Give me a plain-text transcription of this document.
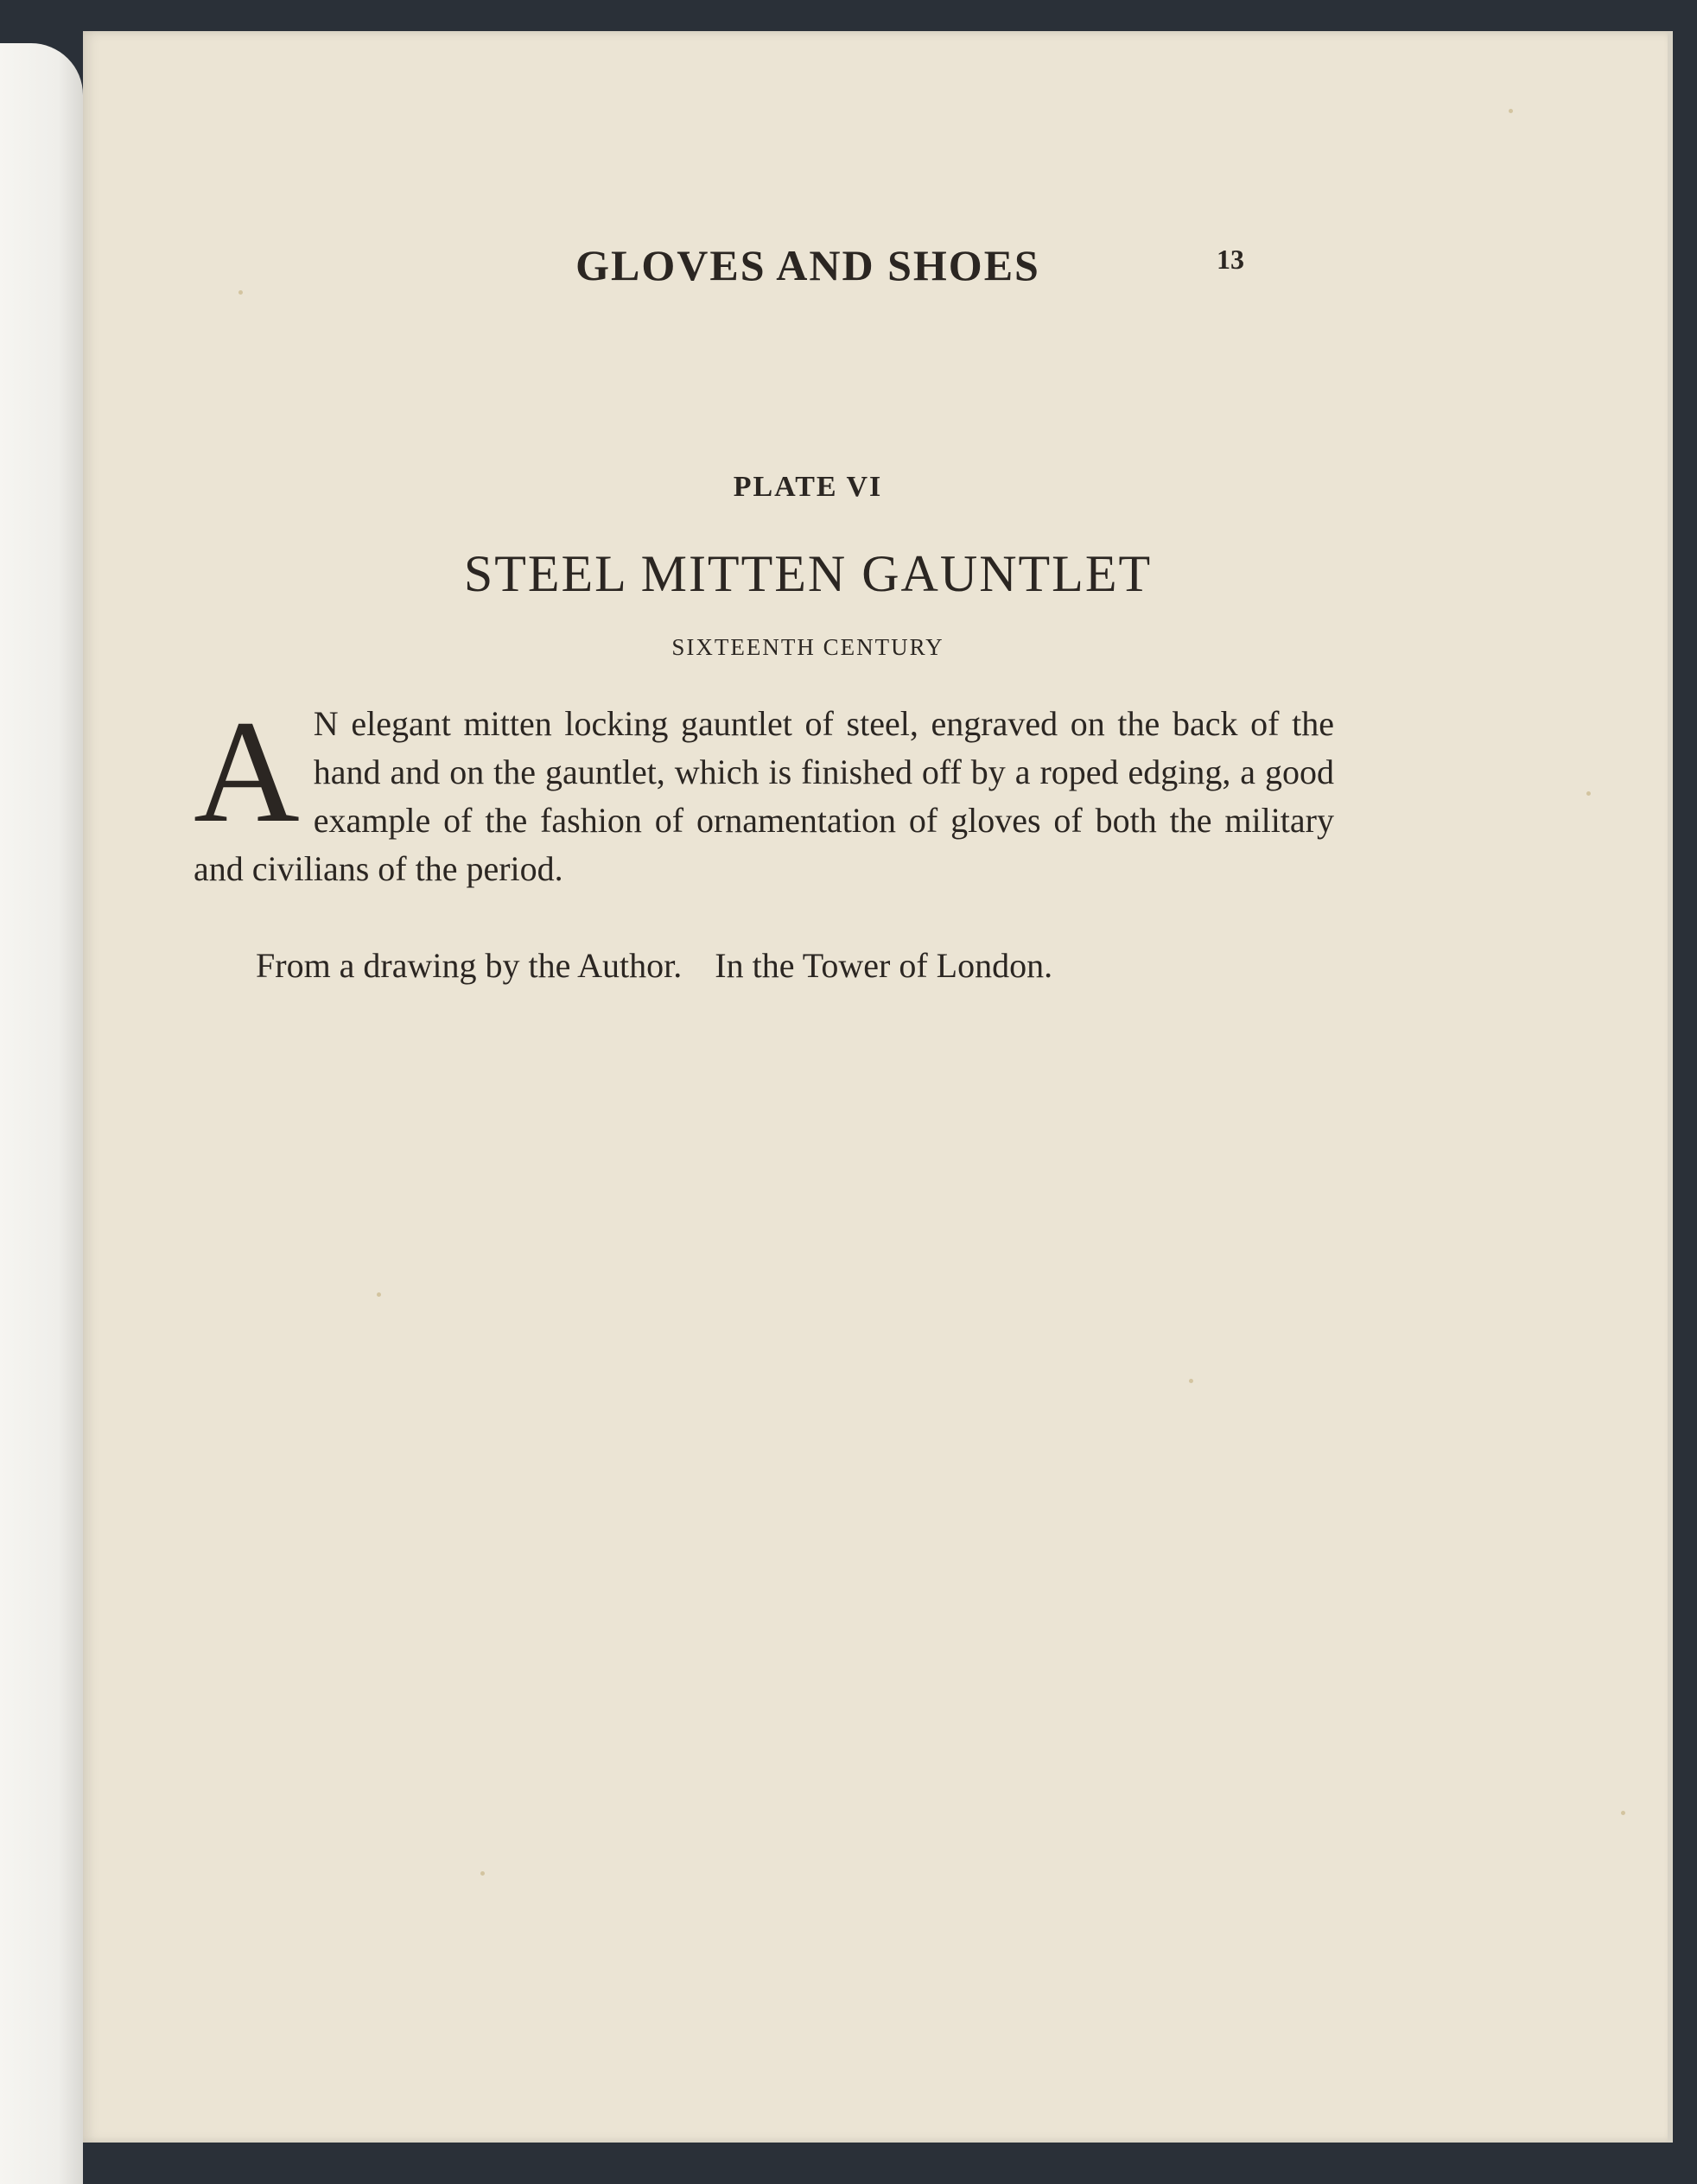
GLOVES AND SHOES	13
PLATE VI
STEEL MITTEN GAUNTLET
SIXTEENTH CENTURY

A N elegant mitten locking gauntlet of steel, engraved on the back of the hand and on the gauntlet, which is finished off by a roped edging, a good example of the fashion of ornamentation of gloves of both the military and civilians of the period.

From a drawing by the Author. In the Tower of London.
